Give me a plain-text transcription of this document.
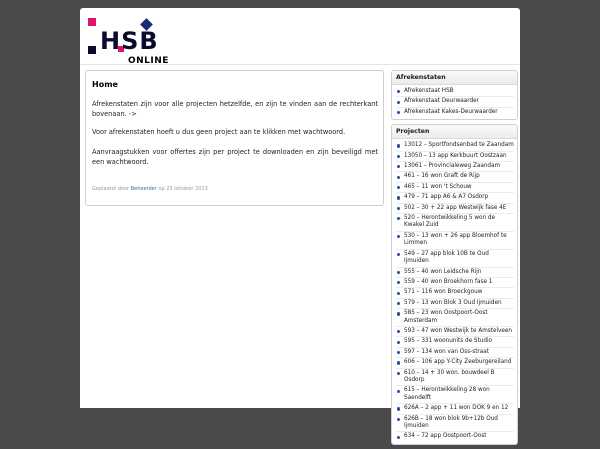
HSB
ONLINE
Home

Afrekenstaten zijn voor alle projecten hetzelfde, en zijn te vinden aan de rechterkant bovenaan. ->

Voor afrekenstaten hoeft u dus geen project aan te klikken met wachtwoord.

Aanvraagstukken voor offertes zijn per project te downloaden en zijn beveiligd met een wachtwoord.

Geplaatst door Beheerder op 23 oktober 2013
Afrekenstaten
Afrekenstaat HSB
Afrekenstaat Deurwaarder
Afrekenstaat Kakes-Deurwaarder
Projecten
13012 – Sportfondsenbad te Zaandam
13050 – 13 app Kerkbuurt Oostzaan
13061 – Provincialeweg Zaandam
461 – 16 won Graft de Rijp
465 – 11 won 't Schouw
479 – 71 app A6 & A7 Osdorp
502 – 30 + 22 app Westwijk fase 4E
520 – Herontwikkeling 5 won de Kwakel Zuid
530 – 13 won + 26 app Bloemhof te Limmen
549 – 27 app blok 10B te Oud Ijmuiden
555 – 40 won Leidsche Rijn
559 – 40 won Broekhorn fase 1
571 – 116 won Broeckgouw
579 – 13 won Blok 3 Oud Ijmuiden
585 – 23 won Oostpoort-Oost Amsterdam
593 – 47 won Westwijk te Amstelveen
595 – 331 woonunits de Studio
597 – 134 won van Oss-straat
606 – 106 app Y-City Zeeburgereiland
610 – 14 + 30 won. bouwdeel B Osdorp
615 – Herontwikkeling 28 won Saendelft
626A – 2 app + 11 won DOK 9 en 12
626B – 18 won blok 9b+12b Oud Ijmuiden
634 – 72 app Oostpoort-Oost
